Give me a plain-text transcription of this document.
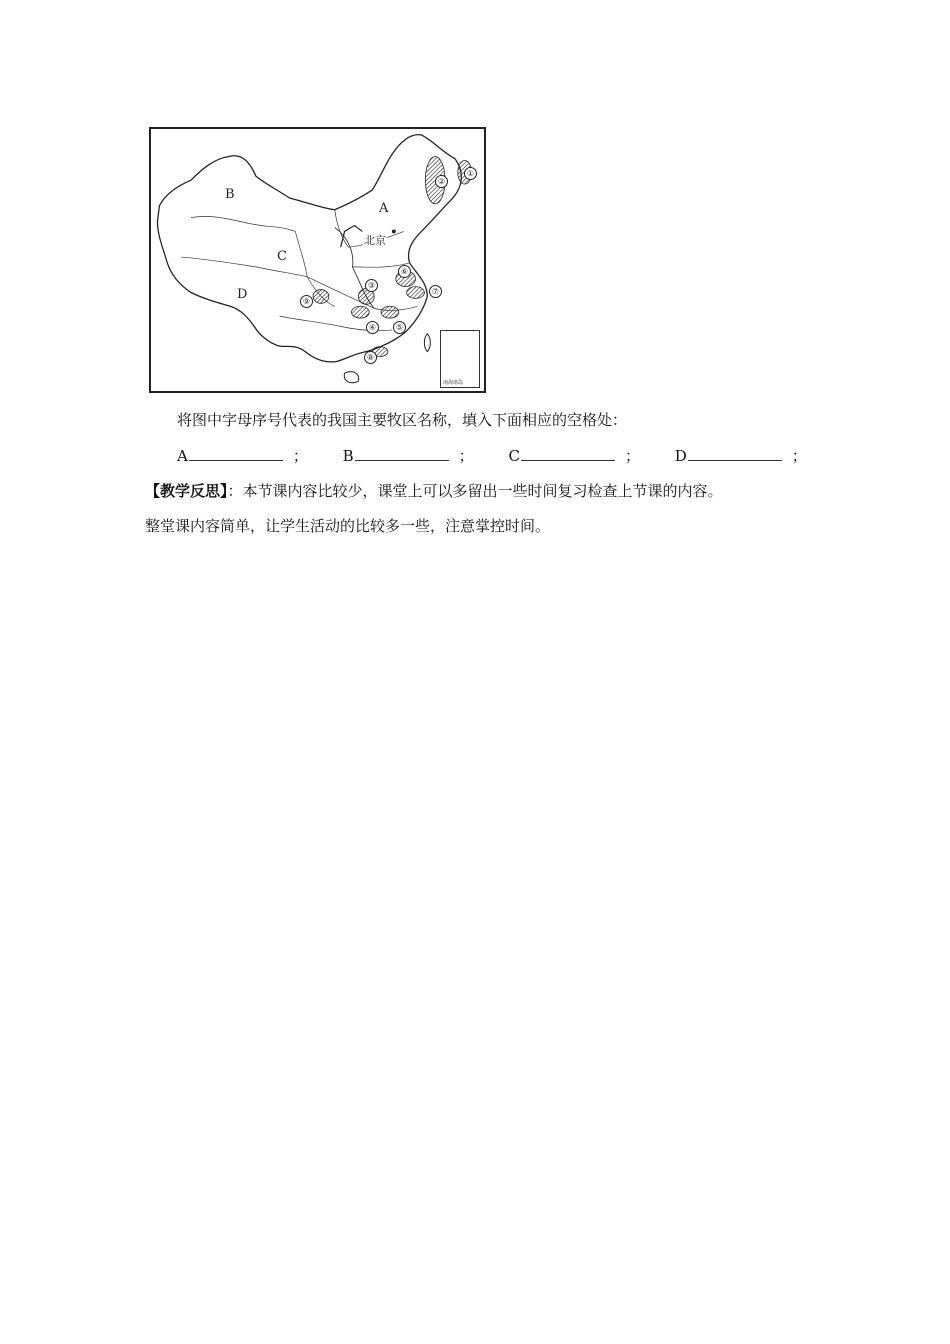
A
B
C
D
北京
①
②
③
④	⑤
⑥
⑦
⑧
⑨
南海诸岛
将图中字母序号代表的我国主要牧区名称，填入下面相应的空格处：
A	； B	； C	； D	；
【教学反思】：本节课内容比较少，课堂上可以多留出一些时间复习检查上节课的内容。
整堂课内容简单，让学生活动的比较多一些，注意掌控时间。
